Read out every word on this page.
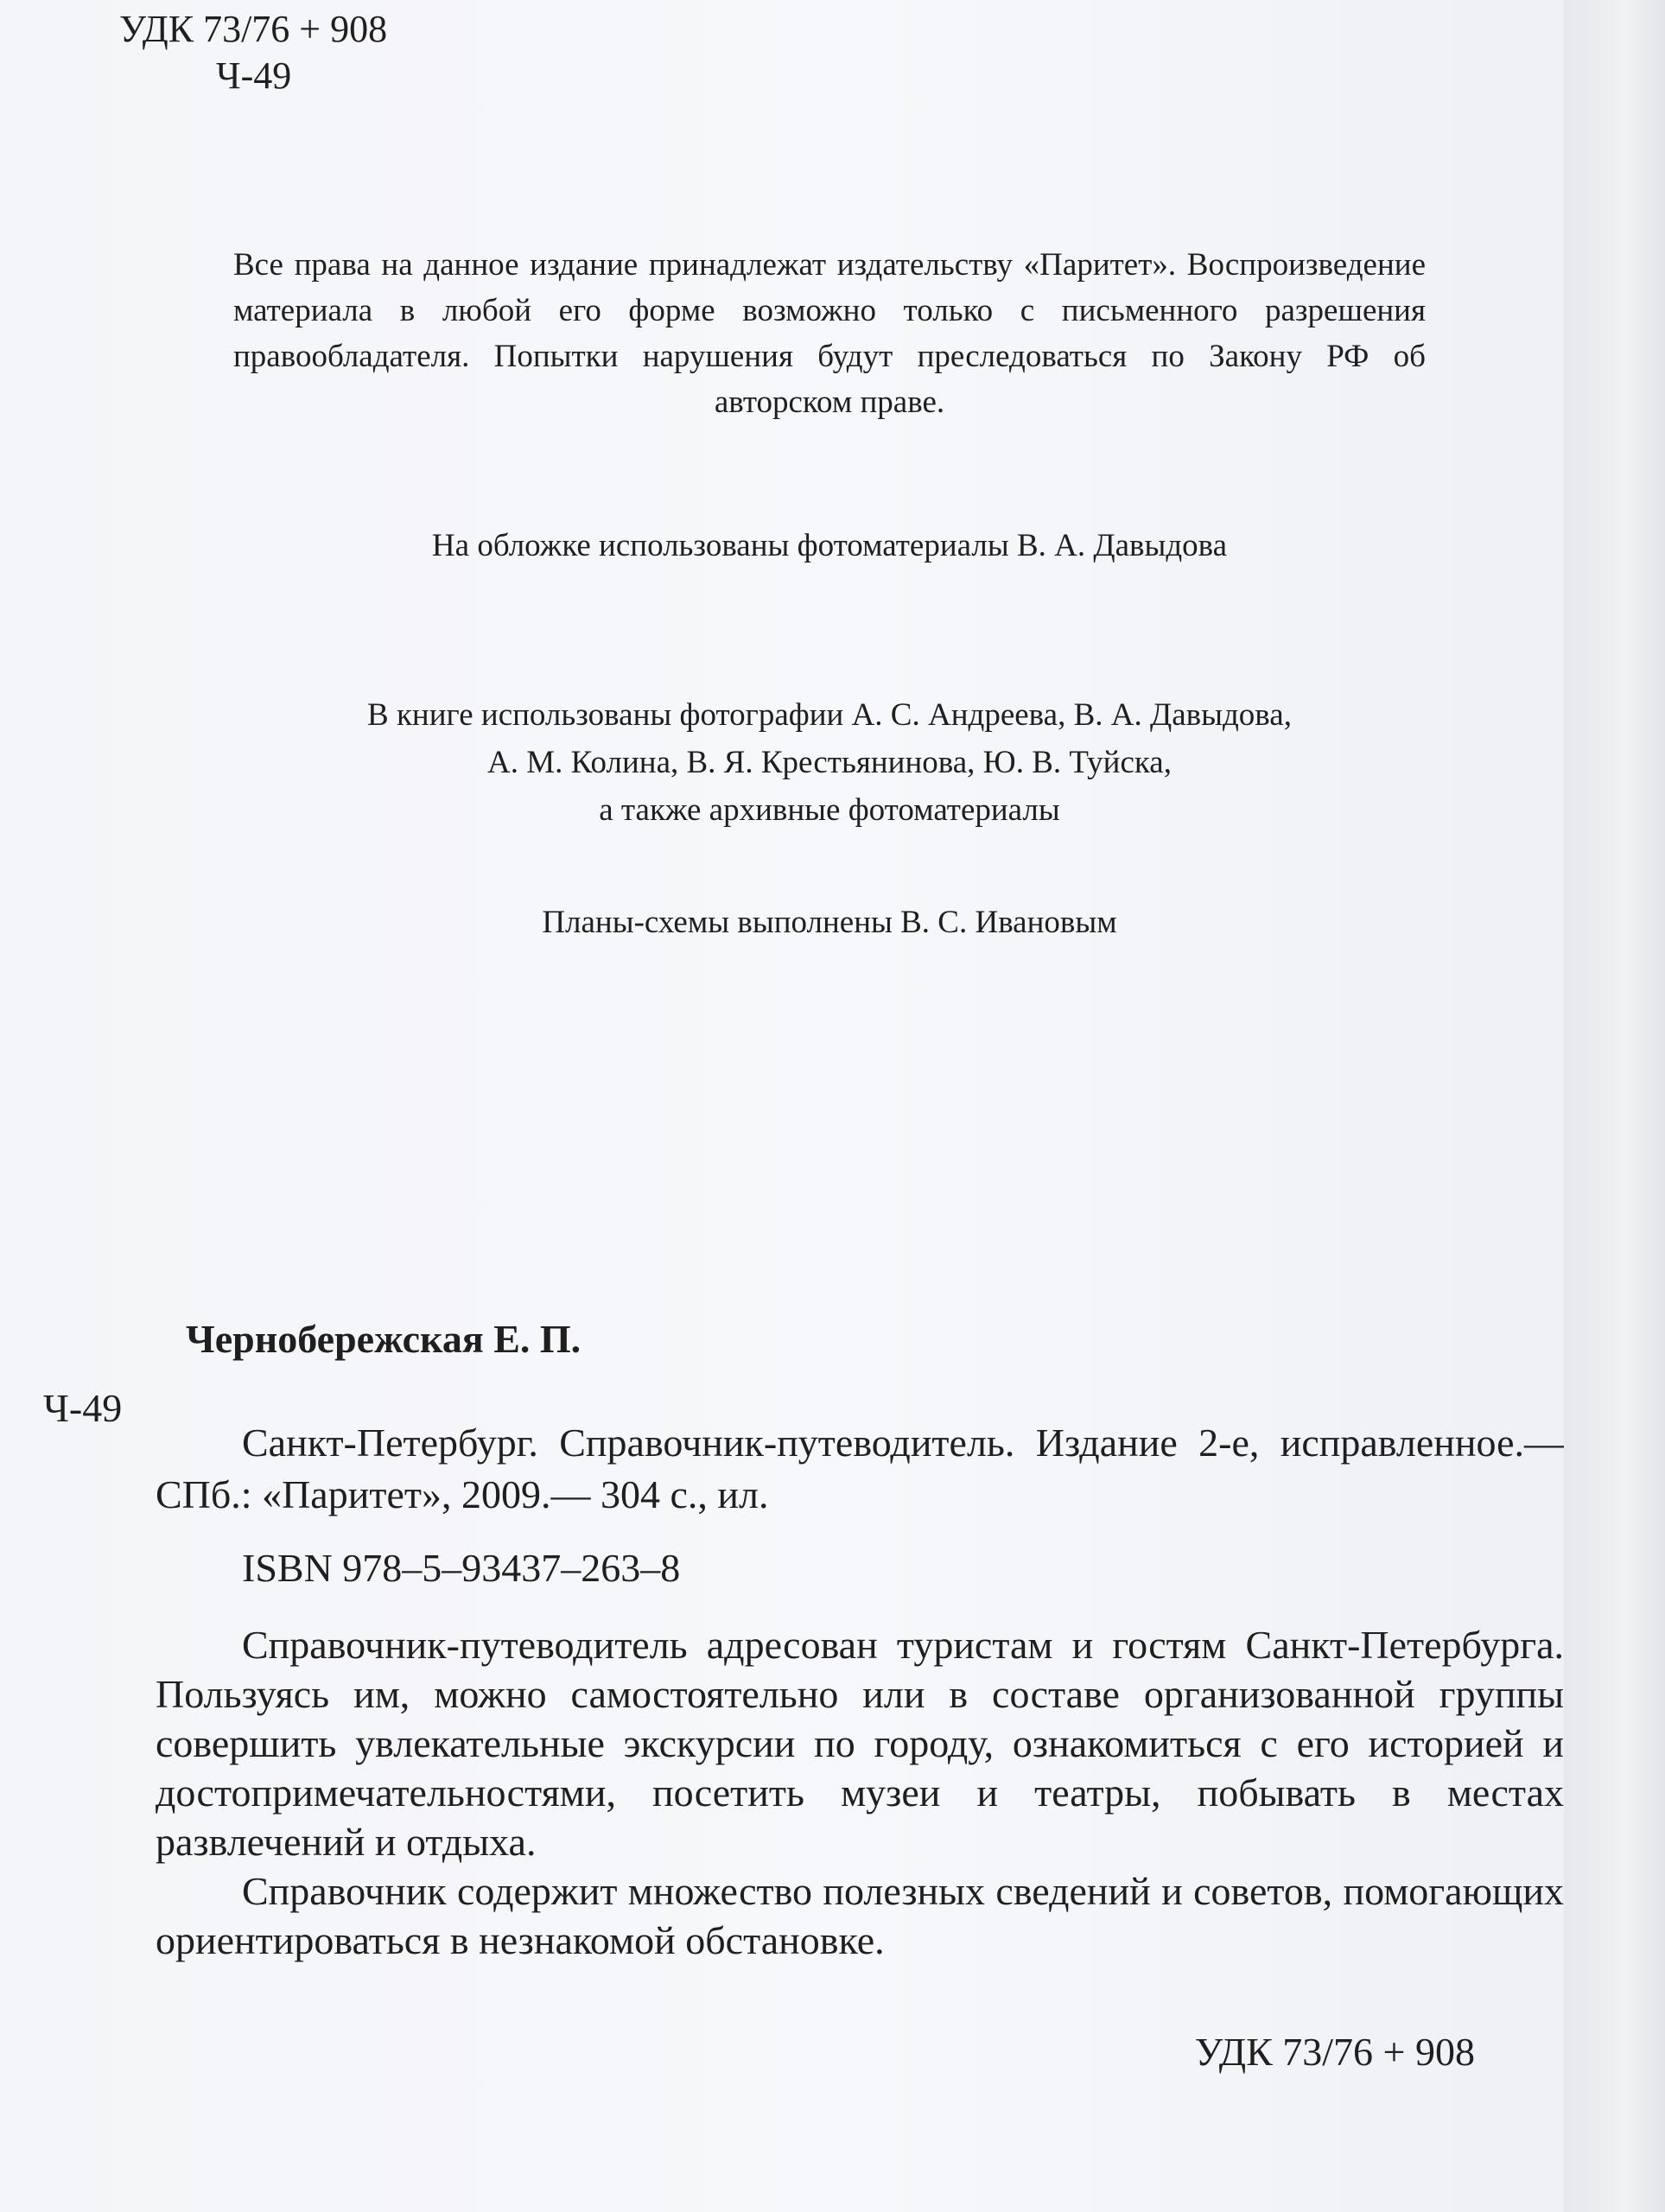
УДК 73/76 + 908
Ч-49

Все права на данное издание принадлежат издательству «Паритет». Воспроизведение материала в любой его форме возможно только с письменного разрешения правообладателя. Попытки нарушения будут преследоваться по Закону РФ об авторском праве.

На обложке использованы фотоматериалы В. А. Давыдова

В книге использованы фотографии А. С. Андреева, В. А. Давыдова,
А. М. Колина, В. Я. Крестьянинова, Ю. В. Туйска,
а также архивные фотоматериалы

Планы-схемы выполнены В. С. Ивановым

Чернобережская Е. П.
Ч-49

Санкт-Петербург. Справочник-путеводитель. Издание 2-е, исправленное.— СПб.: «Паритет», 2009.— 304 с., ил.

ISBN 978–5–93437–263–8

Справочник-путеводитель адресован туристам и гостям Санкт-Петербурга. Пользуясь им, можно самостоятельно или в составе организованной группы совершить увлекательные экскурсии по городу, ознакомиться с его историей и достопримечательностями, посетить музеи и театры, побывать в местах развлечений и отдыха.

Справочник содержит множество полезных сведений и советов, помогающих ориентироваться в незнакомой обстановке.

УДК 73/76 + 908
